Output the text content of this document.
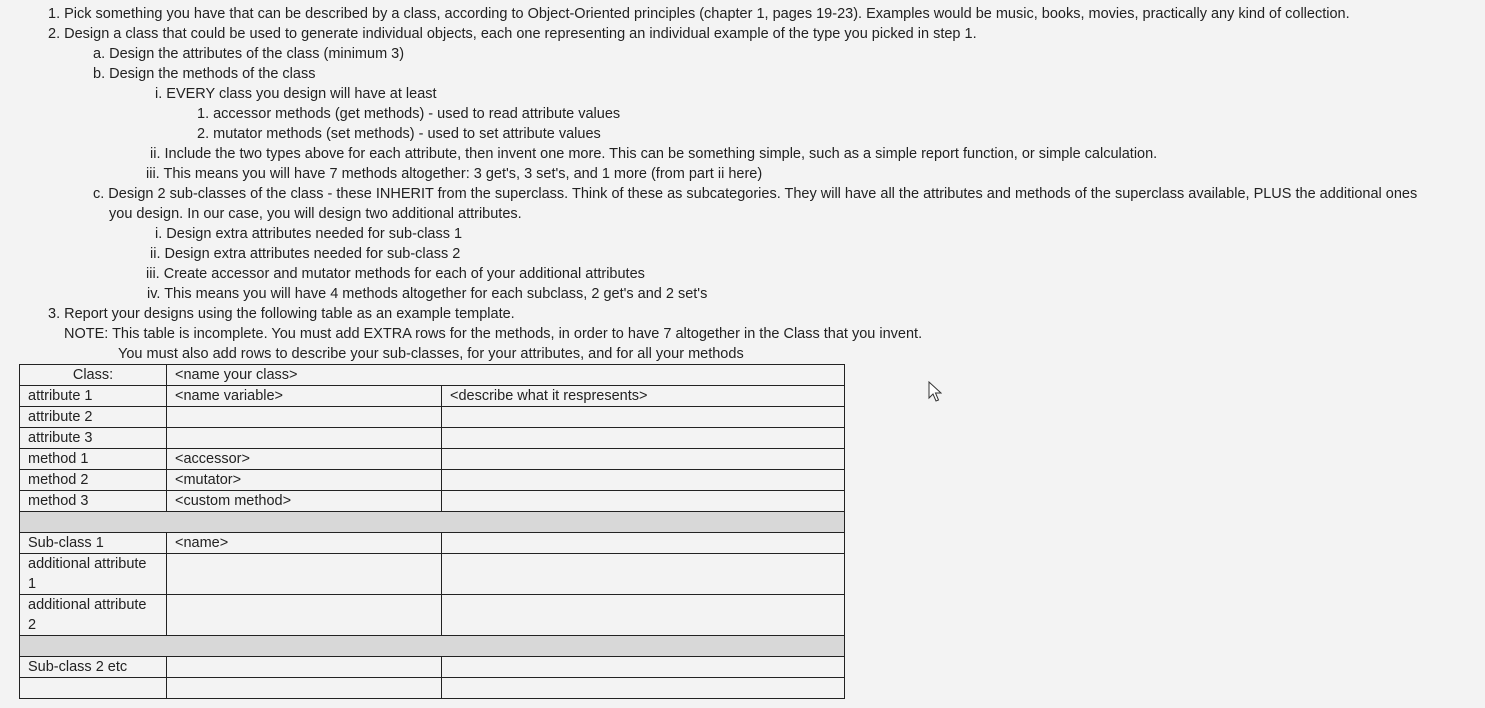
1. Pick something you have that can be described by a class, according to Object-Oriented principles (chapter 1, pages 19-23). Examples would be music, books, movies, practically any kind of collection.
2. Design a class that could be used to generate individual objects, each one representing an individual example of the type you picked in step 1.
a. Design the attributes of the class (minimum 3)
b. Design the methods of the class
i. EVERY class you design will have at least
1. accessor methods (get methods) - used to read attribute values
2. mutator methods (set methods) - used to set attribute values
ii. Include the two types above for each attribute, then invent one more. This can be something simple, such as a simple report function, or simple calculation.
iii. This means you will have 7 methods altogether: 3 get's, 3 set's, and 1 more (from part ii here)
c. Design 2 sub-classes of the class - these INHERIT from the superclass. Think of these as subcategories. They will have all the attributes and methods of the superclass available, PLUS the additional ones
you design. In our case, you will design two additional attributes.
i. Design extra attributes needed for sub-class 1
ii. Design extra attributes needed for sub-class 2
iii. Create accessor and mutator methods for each of your additional attributes
iv. This means you will have 4 methods altogether for each subclass, 2 get's and 2 set's
3. Report your designs using the following table as an example template.
NOTE: This table is incomplete. You must add EXTRA rows for the methods, in order to have 7 altogether in the Class that you invent.
You must also add rows to describe your sub-classes, for your attributes, and for all your methods
Class:	<name your class>	
attribute 1	<name variable>	<describe what it respresents>
attribute 2		
attribute 3		
method 1	<accessor>	
method 2	<mutator>	
method 3	<custom method>	

Sub-class 1	<name>	
additional attribute 1		
additional attribute 2		

Sub-class 2 etc		
